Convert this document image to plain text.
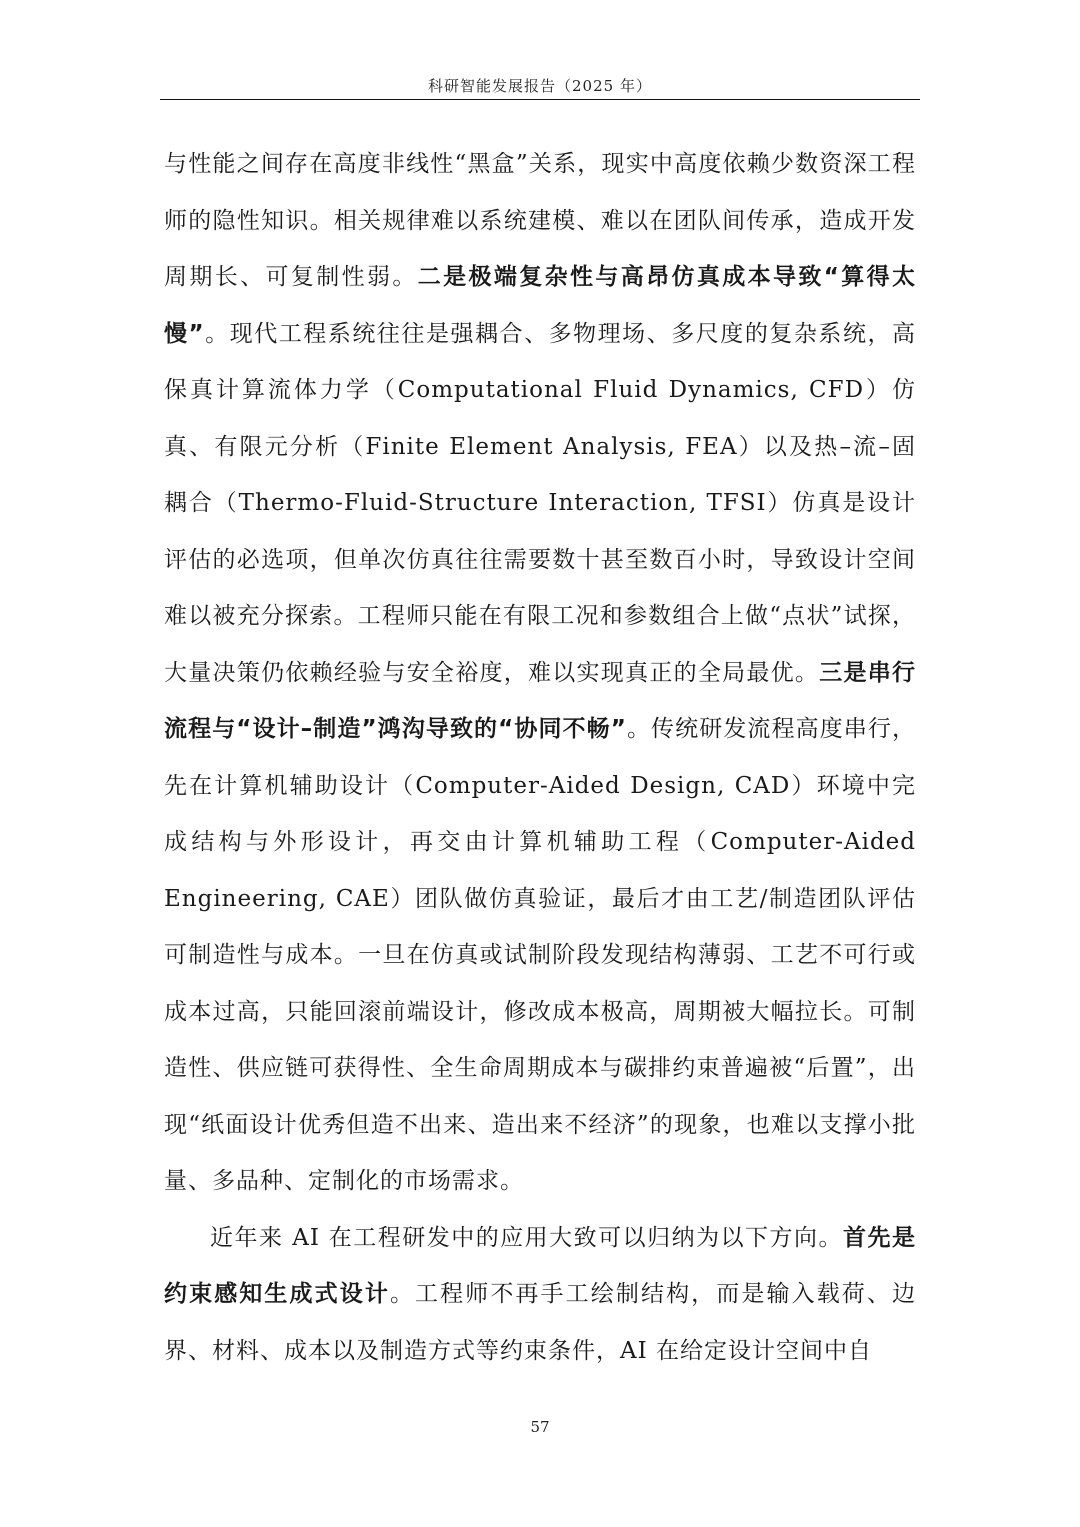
科研智能发展报告（2025 年）

与性能之间存在高度非线性“黑盒”关系，现实中高度依赖少数资深工程师的隐性知识。相关规律难以系统建模、难以在团队间传承，造成开发周期长、可复制性弱。二是极端复杂性与高昂仿真成本导致“算得太慢”。现代工程系统往往是强耦合、多物理场、多尺度的复杂系统，高保真计算流体力学（Computational Fluid Dynamics, CFD）仿真、有限元分析（Finite Element Analysis, FEA）以及热–流–固耦合（Thermo-Fluid-Structure Interaction, TFSI）仿真是设计评估的必选项，但单次仿真往往需要数十甚至数百小时，导致设计空间难以被充分探索。工程师只能在有限工况和参数组合上做“点状”试探，大量决策仍依赖经验与安全裕度，难以实现真正的全局最优。三是串行流程与“设计–制造”鸿沟导致的“协同不畅”。传统研发流程高度串行，先在计算机辅助设计（Computer-Aided Design, CAD）环境中完成结构与外形设计，再交由计算机辅助工程（Computer-Aided Engineering, CAE）团队做仿真验证，最后才由工艺/制造团队评估可制造性与成本。一旦在仿真或试制阶段发现结构薄弱、工艺不可行或成本过高，只能回滚前端设计，修改成本极高，周期被大幅拉长。可制造性、供应链可获得性、全生命周期成本与碳排约束普遍被“后置”，出现“纸面设计优秀但造不出来、造出来不经济”的现象，也难以支撑小批量、多品种、定制化的市场需求。

近年来 AI 在工程研发中的应用大致可以归纳为以下方向。首先是约束感知生成式设计。工程师不再手工绘制结构，而是输入载荷、边界、材料、成本以及制造方式等约束条件，AI 在给定设计空间中自

57
